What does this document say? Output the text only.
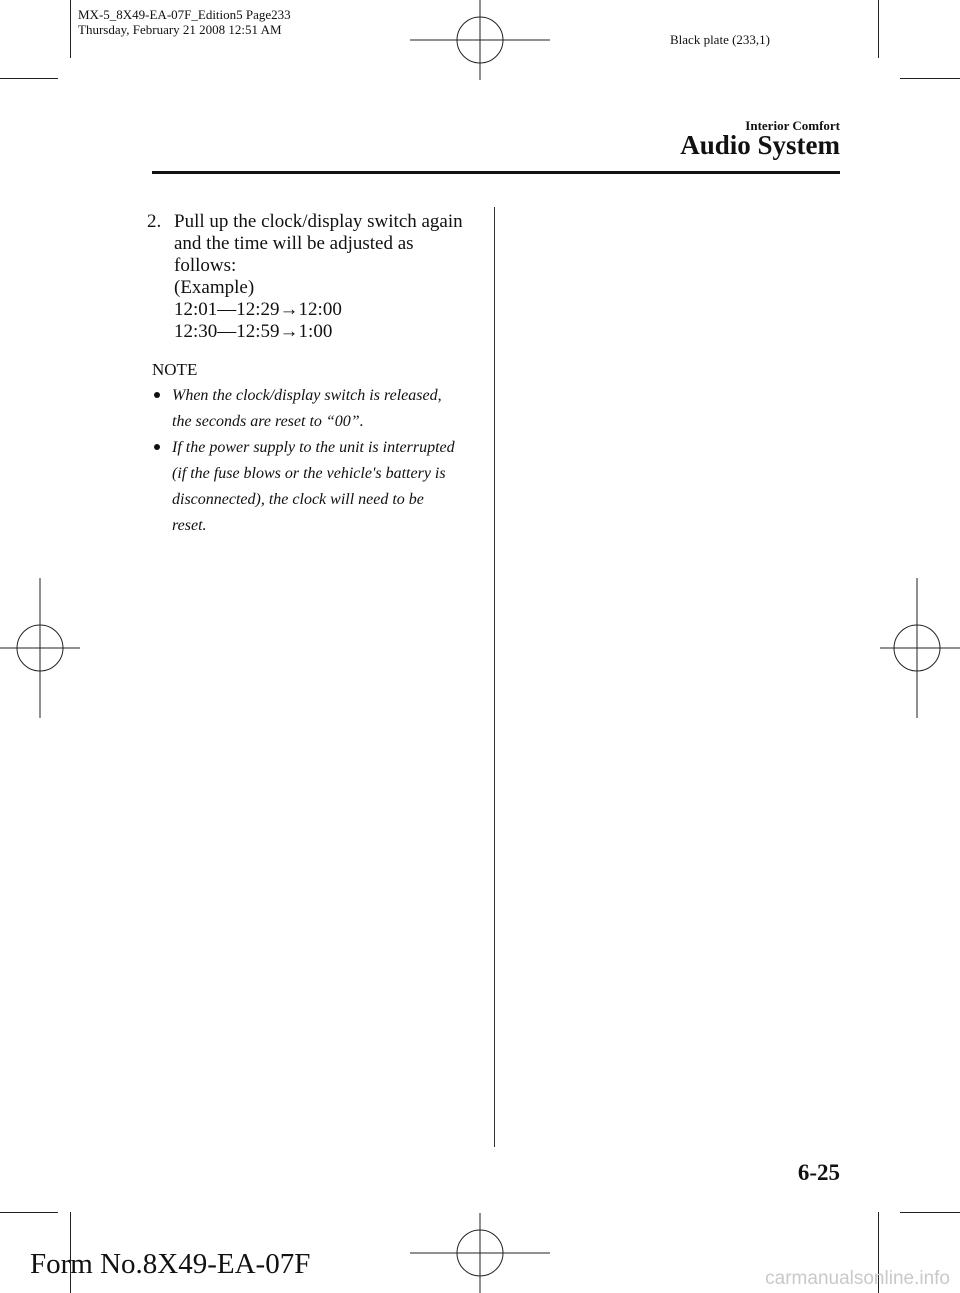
MX-5_8X49-EA-07F_Edition5 Page233
Thursday, February 21 2008 12:51 AM
Black plate (233,1)
Interior Comfort
Audio System
2. Pull up the clock/display switch again

and the time will be adjusted as

follows:

(Example)

12:01―12:29→12:00

12:30―12:59→1:00

NOTE
When the clock/display switch is released,
the seconds are reset to “00”.
If the power supply to the unit is interrupted
(if the fuse blows or the vehicle's battery is
disconnected), the clock will need to be
reset.
6-25
Form No.8X49-EA-07F	carmanualsonline.info
